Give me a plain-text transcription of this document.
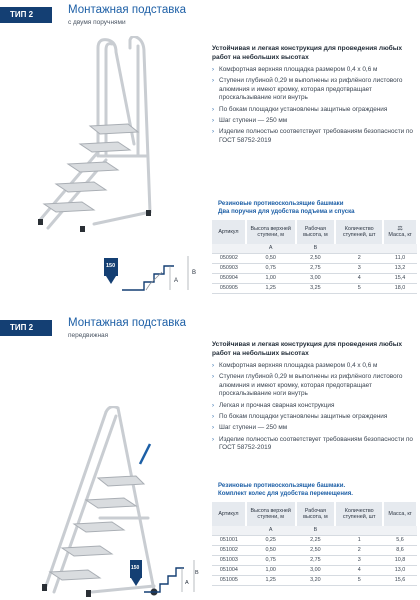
ТИП 2	Монтажная подставка
с двумя поручнями
150
A
B
Устойчивая и легкая конструкция для проведения любых работ на небольших высотах
› Комфортная верхняя площадка размером 0,4 х 0,6 м
› Ступени глубиной 0,29 м выполнены из рифлёного листового алюминия и имеют кромку, которая предотвращает проскальзывание ноги внутрь
› По бокам площадки установлены защитные ограждения
› Шаг ступени — 250 мм
› Изделие полностью соответствует требованиям безопасности по ГОСТ 58752-2019
Резиновые противоскользящие башмаки
Два поручня для удобства подъема и спуска
Артикул	Высота верхней ступени, м	Рабочая высота, м	Количество ступеней, шт	⚖
Масса, кг
	A	B		
050902	0,50	2,50	2	11,0
050903	0,75	2,75	3	13,2
050904	1,00	3,00	4	15,4
050905	1,25	3,25	5	18,0
ТИП 2	Монтажная подставка
передвижная
150
A
B
Устойчивая и легкая конструкция для проведения любых работ на небольших высотах
› Комфортная верхняя площадка размером 0,4 х 0,6 м
› Ступени глубиной 0,29 м выполнены из рифлёного листового алюминия и имеют кромку, которая предотвращает проскальзывание ноги внутрь
› Легкая и прочная сварная конструкция
› По бокам площадки установлены защитные ограждения
› Шаг ступени — 250 мм
› Изделие полностью соответствует требованиям безопасности по ГОСТ 58752-2019
Резиновые противоскользящие башмаки.
Комплект колес для удобства перемещения.
Артикул	Высота верхней ступени, м	Рабочая высота, м	Количество ступеней, шт	Масса, кг
	A	B		
051001	0,25	2,25	1	5,6
051002	0,50	2,50	2	8,6
051003	0,75	2,75	3	10,8
051004	1,00	3,00	4	13,0
051005	1,25	3,20	5	15,6
